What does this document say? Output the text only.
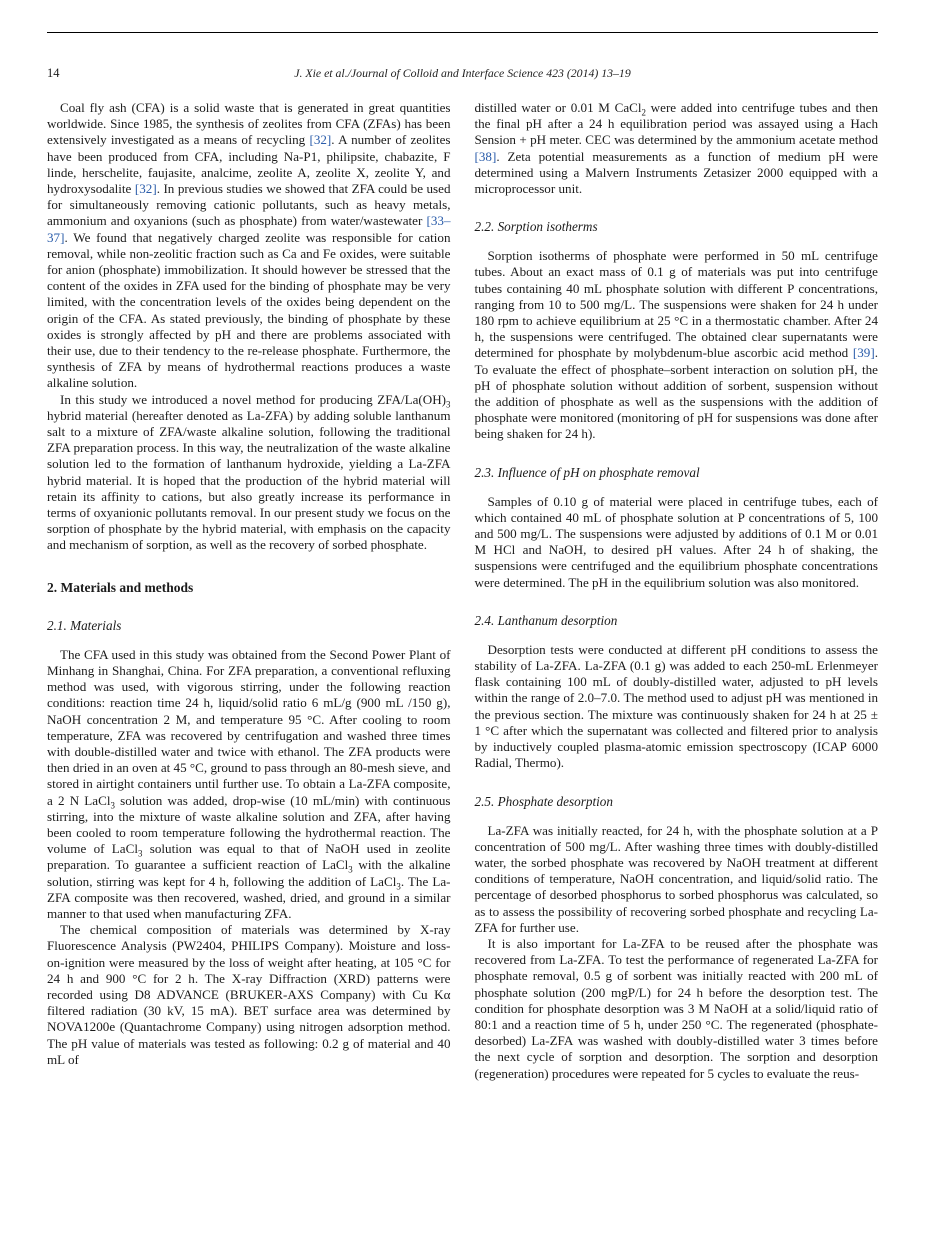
14	J. Xie et al./Journal of Colloid and Interface Science 423 (2014) 13–19

Coal fly ash (CFA) is a solid waste that is generated in great quantities worldwide. Since 1985, the synthesis of zeolites from CFA (ZFAs) has been extensively investigated as a means of recycling [32]. A number of zeolites have been produced from CFA, including Na-P1, philipsite, chabazite, F linde, herschelite, faujasite, analcime, zeolite A, zeolite X, zeolite Y, and hydroxysodalite [32]. In previous studies we showed that ZFA could be used for simultaneously removing cationic pollutants, such as heavy metals, ammonium and oxyanions (such as phosphate) from water/wastewater [33–37]. We found that negatively charged zeolite was responsible for cation removal, while non-zeolitic fraction such as Ca and Fe oxides, were suitable for anion (phosphate) immobilization. It should however be stressed that the content of the oxides in ZFA used for the binding of phosphate may be very limited, with the concentration levels of the oxides being dependent on the origin of the CFA. As stated previously, the binding of phosphate by these oxides is strongly affected by pH and there are problems associated with their use, due to their tendency to the re-release phosphate. Furthermore, the synthesis of ZFA by means of hydrothermal reactions produces a waste alkaline solution.

In this study we introduced a novel method for producing ZFA/$La(OH)_3$ hybrid material (hereafter denoted as La-ZFA) by adding soluble lanthanum salt to a mixture of ZFA/waste alkaline solution, following the traditional ZFA preparation process. In this way, the neutralization of the waste alkaline solution led to the formation of lanthanum hydroxide, yielding a La-ZFA hybrid material. It is hoped that the production of the hybrid material will retain its affinity to cations, but also greatly increase its performance in terms of oxyanionic pollutants removal. In our present study we focus on the sorption of phosphate by the hybrid material, with emphasis on the capacity and mechanism of sorption, as well as the recovery of sorbed phosphate.

2. Materials and methods
2.1. Materials

The CFA used in this study was obtained from the Second Power Plant of Minhang in Shanghai, China. For ZFA preparation, a conventional refluxing method was used, with vigorous stirring, under the following reaction conditions: reaction time 24 h, liquid/solid ratio 6 mL/g (900 mL /150 g), NaOH concentration 2 M, and temperature 95 °C. After cooling to room temperature, ZFA was recovered by centrifugation and washed three times with double-distilled water and twice with ethanol. The ZFA products were then dried in an oven at 45 °C, ground to pass through an 80-mesh sieve, and stored in airtight containers until further use. To obtain a La-ZFA composite, a 2 N LaCl$_3$ solution was added, drop-wise (10 mL/min) with continuous stirring, into the mixture of waste alkaline solution and ZFA, after having been cooled to room temperature following the hydrothermal reaction. The volume of LaCl$_3$ solution was equal to that of NaOH used in zeolite preparation. To guarantee a sufficient reaction of LaCl$_3$ with the alkaline solution, stirring was kept for 4 h, following the addition of LaCl$_3$. The La-ZFA composite was then recovered, washed, dried, and ground in a similar manner to that used when manufacturing ZFA.

The chemical composition of materials was determined by X-ray Fluorescence Analysis (PW2404, PHILIPS Company). Moisture and loss-on-ignition were measured by the loss of weight after heating, at 105 °C for 24 h and 900 °C for 2 h. The X-ray Diffraction (XRD) patterns were recorded using D8 ADVANCE (BRUKER-AXS Company) with Cu Kα filtered radiation (30 kV, 15 mA). BET surface area was determined by NOVA1200e (Quantachrome Company) using nitrogen adsorption method. The pH value of materials was tested as following: 0.2 g of material and 40 mL of

distilled water or 0.01 M CaCl$_2$ were added into centrifuge tubes and then the final pH after a 24 h equilibration period was assayed using a Hach Sension + pH meter. CEC was determined by the ammonium acetate method [38]. Zeta potential measurements as a function of medium pH were determined using a Malvern Instruments Zetasizer 2000 equipped with a microprocessor unit.

2.2. Sorption isotherms

Sorption isotherms of phosphate were performed in 50 mL centrifuge tubes. About an exact mass of 0.1 g of materials was put into centrifuge tubes containing 40 mL phosphate solution with different P concentrations, ranging from 10 to 500 mg/L. The suspensions were shaken for 24 h under 180 rpm to achieve equilibrium at 25 °C in a thermostatic chamber. After 24 h, the suspensions were centrifuged. The obtained clear supernatants were determined for phosphate by molybdenum-blue ascorbic acid method [39]. To evaluate the effect of phosphate–sorbent interaction on solution pH, the pH of phosphate solution without addition of sorbent, suspension without the addition of phosphate as well as the suspensions with the addition of phosphate were monitored (monitoring of pH for suspensions was done after being shaken for 24 h).

2.3. Influence of pH on phosphate removal

Samples of 0.10 g of material were placed in centrifuge tubes, each of which contained 40 mL of phosphate solution at P concentrations of 5, 100 and 500 mg/L. The suspensions were adjusted by additions of 0.1 M or 0.01 M HCl and NaOH, to desired pH values. After 24 h of shaking, the suspensions were centrifuged and the equilibrium phosphate concentrations were determined. The pH in the equilibrium solution was also monitored.

2.4. Lanthanum desorption

Desorption tests were conducted at different pH conditions to assess the stability of La-ZFA. La-ZFA (0.1 g) was added to each 250-mL Erlenmeyer flask containing 100 mL of doubly-distilled water, adjusted to pH levels within the range of 2.0–7.0. The method used to adjust pH was mentioned in the previous section. The mixture was continuously shaken for 24 h at 25 ± 1 °C after which the supernatant was collected and filtered prior to analysis by inductively coupled plasma-atomic emission spectroscopy (ICAP 6000 Radial, Thermo).

2.5. Phosphate desorption

La-ZFA was initially reacted, for 24 h, with the phosphate solution at a P concentration of 500 mg/L. After washing three times with doubly-distilled water, the sorbed phosphate was recovered by NaOH treatment at different conditions of temperature, NaOH concentration, and liquid/solid ratio. The percentage of desorbed phosphorus to sorbed phosphorus was calculated, so as to assess the possibility of recovering sorbed phosphate and recycling La-ZFA for further use.

It is also important for La-ZFA to be reused after the phosphate was recovered from La-ZFA. To test the performance of regenerated La-ZFA for phosphate removal, 0.5 g of sorbent was initially reacted with 200 mL of phosphate solution (200 mgP/L) for 24 h before the desorption test. The condition for phosphate desorption was 3 M NaOH at a solid/liquid ratio of 80:1 and a reaction time of 5 h, under 250 °C. The regenerated (phosphate-desorbed) La-ZFA was washed with doubly-distilled water 3 times before the next cycle of sorption and desorption. The sorption and desorption (regeneration) procedures were repeated for 5 cycles to evaluate the reus-
